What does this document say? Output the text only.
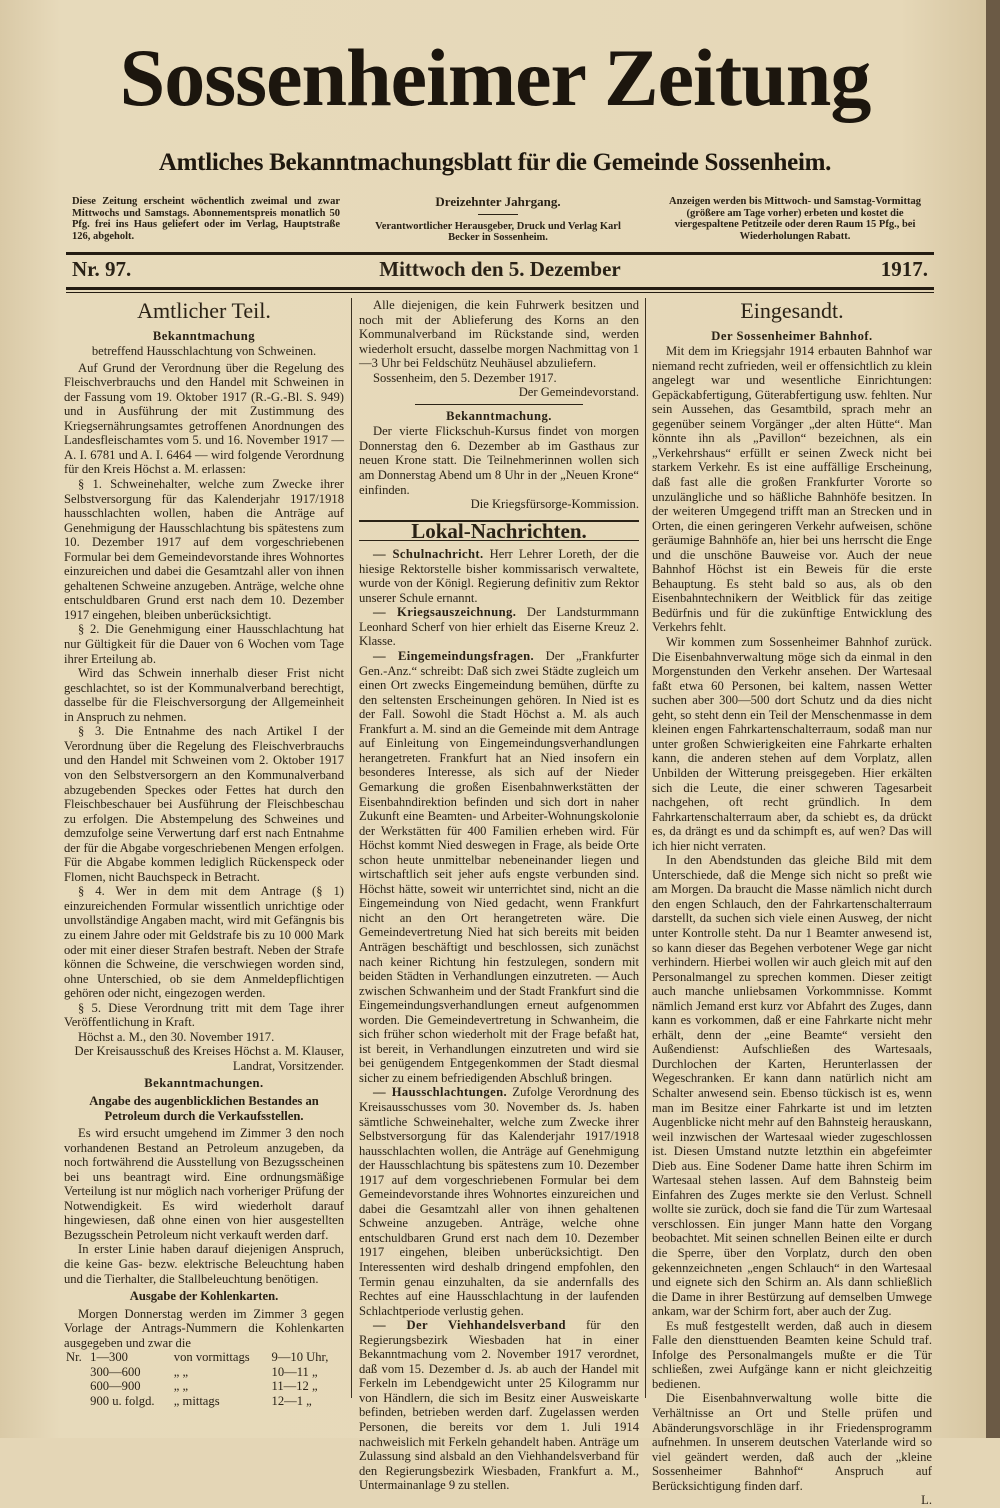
Sossenheimer Zeitung
Amtliches Bekanntmachungsblatt für die Gemeinde Sossenheim.
Diese Zeitung erscheint wöchentlich zweimal und zwar Mittwochs und Samstags. Abonnementspreis monatlich 50 Pfg. frei ins Haus geliefert oder im Verlag, Hauptstraße 126, abgeholt.
Dreizehnter Jahrgang.
Verantwortlicher Herausgeber, Druck und Verlag Karl Becker in Sossenheim.
Anzeigen werden bis Mittwoch- und Samstag-Vormittag (größere am Tage vorher) erbeten und kostet die viergespaltene Petitzeile oder deren Raum 15 Pfg., bei Wiederholungen Rabatt.
Nr. 97.	Mittwoch den 5. Dezember	1917.
Amtlicher Teil.
Bekanntmachung
betreffend Hausschlachtung von Schweinen.
Auf Grund der Verordnung über die Regelung des Fleischverbrauchs und den Handel mit Schweinen in der Fassung vom 19. Oktober 1917 (R.-G.-Bl. S. 949) und in Ausführung der mit Zustimmung des Kriegsernährungsamtes getroffenen Anordnungen des Landesfleischamtes vom 5. und 16. November 1917 — A. I. 6781 und A. I. 6464 — wird folgende Verordnung für den Kreis Höchst a. M. erlassen:
§ 1. Schweinehalter, welche zum Zwecke ihrer Selbstversorgung für das Kalenderjahr 1917/1918 hausschlachten wollen, haben die Anträge auf Genehmigung der Hausschlachtung bis spätestens zum 10. Dezember 1917 auf dem vorgeschriebenen Formular bei dem Gemeindevorstande ihres Wohnortes einzureichen und dabei die Gesamtzahl aller von ihnen gehaltenen Schweine anzugeben. Anträge, welche ohne entschuldbaren Grund erst nach dem 10. Dezember 1917 eingehen, bleiben unberücksichtigt.
§ 2. Die Genehmigung einer Hausschlachtung hat nur Gültigkeit für die Dauer von 6 Wochen vom Tage ihrer Erteilung ab.
Wird das Schwein innerhalb dieser Frist nicht geschlachtet, so ist der Kommunalverband berechtigt, dasselbe für die Fleischversorgung der Allgemeinheit in Anspruch zu nehmen.
§ 3. Die Entnahme des nach Artikel I der Verordnung über die Regelung des Fleischverbrauchs und den Handel mit Schweinen vom 2. Oktober 1917 von den Selbstversorgern an den Kommunalverband abzugebenden Speckes oder Fettes hat durch den Fleischbeschauer bei Ausführung der Fleischbeschau zu erfolgen. Die Abstempelung des Schweines und demzufolge seine Verwertung darf erst nach Entnahme der für die Abgabe vorgeschriebenen Mengen erfolgen. Für die Abgabe kommen lediglich Rückenspeck oder Flomen, nicht Bauchspeck in Betracht.
§ 4. Wer in dem mit dem Antrage (§ 1) einzureichenden Formular wissentlich unrichtige oder unvollständige Angaben macht, wird mit Gefängnis bis zu einem Jahre oder mit Geldstrafe bis zu 10 000 Mark oder mit einer dieser Strafen bestraft. Neben der Strafe können die Schweine, die verschwiegen worden sind, ohne Unterschied, ob sie dem Anmeldepflichtigen gehören oder nicht, eingezogen werden.
§ 5. Diese Verordnung tritt mit dem Tage ihrer Veröffentlichung in Kraft.
Höchst a. M., den 30. November 1917.
Der Kreisausschuß des Kreises Höchst a. M. Klauser, Landrat, Vorsitzender.
Bekanntmachungen.
Angabe des augenblicklichen Bestandes an Petroleum durch die Verkaufsstellen.
Es wird ersucht umgehend im Zimmer 3 den noch vorhandenen Bestand an Petroleum anzugeben, da noch fortwährend die Ausstellung von Bezugsscheinen bei uns beantragt wird. Eine ordnungsmäßige Verteilung ist nur möglich nach vorheriger Prüfung der Notwendigkeit. Es wird wiederholt darauf hingewiesen, daß ohne einen von hier ausgestellten Bezugsschein Petroleum nicht verkauft werden darf.
In erster Linie haben darauf diejenigen Anspruch, die keine Gas- bezw. elektrische Beleuchtung haben und die Tierhalter, die Stallbeleuchtung benötigen.
Ausgabe der Kohlenkarten.
Morgen Donnerstag werden im Zimmer 3 gegen Vorlage der Antrags-Nummern die Kohlenkarten ausgegeben und zwar die
Nr.	1—300	von vormittags	9—10 Uhr,
	300—600	„ „	10—11 „
	600—900	„ „	11—12 „
	900 u. folgd.	„ mittags	12—1 „
Alle diejenigen, die kein Fuhrwerk besitzen und noch mit der Ablieferung des Korns an den Kommunalverband im Rückstande sind, werden wiederholt ersucht, dasselbe morgen Nachmittag von 1—3 Uhr bei Feldschütz Neuhäusel abzuliefern.
Sossenheim, den 5. Dezember 1917.
Der Gemeindevorstand.
Bekanntmachung.
Der vierte Flickschuh-Kursus findet von morgen Donnerstag den 6. Dezember ab im Gasthaus zur neuen Krone statt. Die Teilnehmerinnen wollen sich am Donnerstag Abend um 8 Uhr in der „Neuen Krone“ einfinden.
Die Kriegsfürsorge-Kommission.
Lokal-Nachrichten.
— Schulnachricht. Herr Lehrer Loreth, der die hiesige Rektorstelle bisher kommissarisch verwaltete, wurde von der Königl. Regierung definitiv zum Rektor unserer Schule ernannt.
— Kriegsauszeichnung. Der Landsturmmann Leonhard Scherf von hier erhielt das Eiserne Kreuz 2. Klasse.
— Eingemeindungsfragen. Der „Frankfurter Gen.-Anz.“ schreibt: Daß sich zwei Städte zugleich um einen Ort zwecks Eingemeindung bemühen, dürfte zu den seltensten Erscheinungen gehören. In Nied ist es der Fall. Sowohl die Stadt Höchst a. M. als auch Frankfurt a. M. sind an die Gemeinde mit dem Antrage auf Einleitung von Eingemeindungsverhandlungen herangetreten. Frankfurt hat an Nied insofern ein besonderes Interesse, als sich auf der Nieder Gemarkung die großen Eisenbahnwerkstätten der Eisenbahndirektion befinden und sich dort in naher Zukunft eine Beamten- und Arbeiter-Wohnungskolonie der Werkstätten für 400 Familien erheben wird. Für Höchst kommt Nied deswegen in Frage, als beide Orte schon heute unmittelbar nebeneinander liegen und wirtschaftlich seit jeher aufs engste verbunden sind. Höchst hätte, soweit wir unterrichtet sind, nicht an die Eingemeindung von Nied gedacht, wenn Frankfurt nicht an den Ort herangetreten wäre. Die Gemeindevertretung Nied hat sich bereits mit beiden Anträgen beschäftigt und beschlossen, sich zunächst nach keiner Richtung hin festzulegen, sondern mit beiden Städten in Verhandlungen einzutreten. — Auch zwischen Schwanheim und der Stadt Frankfurt sind die Eingemeindungsverhandlungen erneut aufgenommen worden. Die Gemeindevertretung in Schwanheim, die sich früher schon wiederholt mit der Frage befaßt hat, ist bereit, in Verhandlungen einzutreten und wird sie bei genügendem Entgegenkommen der Stadt diesmal sicher zu einem befriedigenden Abschluß bringen.
— Hausschlachtungen. Zufolge Verordnung des Kreisausschusses vom 30. November ds. Js. haben sämtliche Schweinehalter, welche zum Zwecke ihrer Selbstversorgung für das Kalenderjahr 1917/1918 hausschlachten wollen, die Anträge auf Genehmigung der Hausschlachtung bis spätestens zum 10. Dezember 1917 auf dem vorgeschriebenen Formular bei dem Gemeindevorstande ihres Wohnortes einzureichen und dabei die Gesamtzahl aller von ihnen gehaltenen Schweine anzugeben. Anträge, welche ohne entschuldbaren Grund erst nach dem 10. Dezember 1917 eingehen, bleiben unberücksichtigt. Den Interessenten wird deshalb dringend empfohlen, den Termin genau einzuhalten, da sie andernfalls des Rechtes auf eine Hausschlachtung in der laufenden Schlachtperiode verlustig gehen.
— Der Viehhandelsverband für den Regierungsbezirk Wiesbaden hat in einer Bekanntmachung vom 2. November 1917 verordnet, daß vom 15. Dezember d. Js. ab auch der Handel mit Ferkeln im Lebendgewicht unter 25 Kilogramm nur von Händlern, die sich im Besitz einer Ausweiskarte befinden, betrieben werden darf. Zugelassen werden Personen, die bereits vor dem 1. Juli 1914 nachweislich mit Ferkeln gehandelt haben. Anträge um Zulassung sind alsbald an den Viehhandelsverband für den Regierungsbezirk Wiesbaden, Frankfurt a. M., Untermainanlage 9 zu stellen.
Eingesandt.
Der Sossenheimer Bahnhof.
Mit dem im Kriegsjahr 1914 erbauten Bahnhof war niemand recht zufrieden, weil er offensichtlich zu klein angelegt war und wesentliche Einrichtungen: Gepäckabfertigung, Güterabfertigung usw. fehlten. Nur sein Aussehen, das Gesamtbild, sprach mehr an gegenüber seinem Vorgänger „der alten Hütte“. Man könnte ihn als „Pavillon“ bezeichnen, als ein „Verkehrshaus“ erfüllt er seinen Zweck nicht bei starkem Verkehr. Es ist eine auffällige Erscheinung, daß fast alle die großen Frankfurter Vororte so unzulängliche und so häßliche Bahnhöfe besitzen. In der weiteren Umgegend trifft man an Strecken und in Orten, die einen geringeren Verkehr aufweisen, schöne geräumige Bahnhöfe an, hier bei uns herrscht die Enge und die unschöne Bauweise vor. Auch der neue Bahnhof Höchst ist ein Beweis für die erste Behauptung. Es steht bald so aus, als ob den Eisenbahntechnikern der Weitblick für das zeitige Bedürfnis und für die zukünftige Entwicklung des Verkehrs fehlt.
Wir kommen zum Sossenheimer Bahnhof zurück. Die Eisenbahnverwaltung möge sich da einmal in den Morgenstunden den Verkehr ansehen. Der Wartesaal faßt etwa 60 Personen, bei kaltem, nassen Wetter suchen aber 300—500 dort Schutz und da dies nicht geht, so steht denn ein Teil der Menschenmasse in dem kleinen engen Fahrkartenschalterraum, sodaß man nur unter großen Schwierigkeiten eine Fahrkarte erhalten kann, die anderen stehen auf dem Vorplatz, allen Unbilden der Witterung preisgegeben. Hier erkälten sich die Leute, die einer schweren Tagesarbeit nachgehen, oft recht gründlich. In dem Fahrkartenschalterraum aber, da schiebt es, da drückt es, da drängt es und da schimpft es, auf wen? Das will ich hier nicht verraten.
In den Abendstunden das gleiche Bild mit dem Unterschiede, daß die Menge sich nicht so preßt wie am Morgen. Da braucht die Masse nämlich nicht durch den engen Schlauch, den der Fahrkartenschalterraum darstellt, da suchen sich viele einen Ausweg, der nicht unter Kontrolle steht. Da nur 1 Beamter anwesend ist, so kann dieser das Begehen verbotener Wege gar nicht verhindern. Hierbei wollen wir auch gleich mit auf den Personalmangel zu sprechen kommen. Dieser zeitigt auch manche unliebsamen Vorkommnisse. Kommt nämlich Jemand erst kurz vor Abfahrt des Zuges, dann kann es vorkommen, daß er eine Fahrkarte nicht mehr erhält, denn der „eine Beamte“ versieht den Außendienst: Aufschließen des Wartesaals, Durchlochen der Karten, Herunterlassen der Wegeschranken. Er kann dann natürlich nicht am Schalter anwesend sein. Ebenso tückisch ist es, wenn man im Besitze einer Fahrkarte ist und im letzten Augenblicke nicht mehr auf den Bahnsteig herauskann, weil inzwischen der Wartesaal wieder zugeschlossen ist. Diesen Umstand nutzte letzthin ein abgefeimter Dieb aus. Eine Sodener Dame hatte ihren Schirm im Wartesaal stehen lassen. Auf dem Bahnsteig beim Einfahren des Zuges merkte sie den Verlust. Schnell wollte sie zurück, doch sie fand die Tür zum Wartesaal verschlossen. Ein junger Mann hatte den Vorgang beobachtet. Mit seinen schnellen Beinen eilte er durch die Sperre, über den Vorplatz, durch den oben gekennzeichneten „engen Schlauch“ in den Wartesaal und eignete sich den Schirm an. Als dann schließlich die Dame in ihrer Bestürzung auf demselben Umwege ankam, war der Schirm fort, aber auch der Zug.
Es muß festgestellt werden, daß auch in diesem Falle den diensttuenden Beamten keine Schuld traf. Infolge des Personalmangels mußte er die Tür schließen, zwei Aufgänge kann er nicht gleichzeitig bedienen.
Die Eisenbahnverwaltung wolle bitte die Verhältnisse an Ort und Stelle prüfen und Abänderungsvorschläge in ihr Friedensprogramm aufnehmen. In unserem deutschen Vaterlande wird so viel geändert werden, daß auch der „kleine Sossenheimer Bahnhof“ Anspruch auf Berücksichtigung finden darf.
L.
